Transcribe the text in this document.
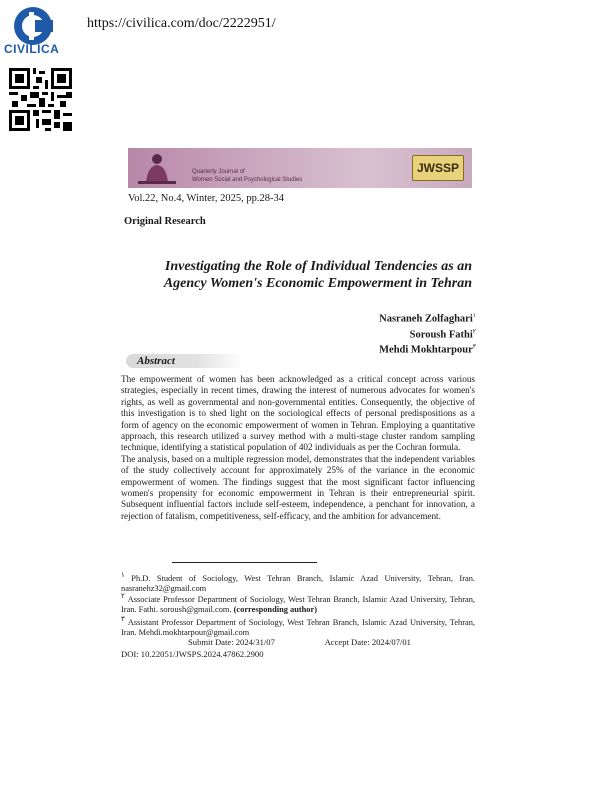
CIVILICA
https://civilica.com/doc/2222951/
Quarterly Journal of
Women Social and Psychological Studies
JWSSP
Vol.22, No.4, Winter, 2025, pp.28-34
Original Research
Investigating the Role of Individual Tendencies as an Agency Women's Economic Empowerment in Tehran
Nasraneh Zolfaghari$^١$
Soroush Fathi$^٢$
Mehdi Mokhtarpour$^٣$
Abstract

The empowerment of women has been acknowledged as a critical concept across various strategies, especially in recent times, drawing the interest of numerous advocates for women's rights, as well as governmental and non-governmental entities. Consequently, the objective of this investigation is to shed light on the sociological effects of personal predispositions as a form of agency on the economic empowerment of women in Tehran. Employing a quantitative approach, this research utilized a survey method with a multi-stage cluster random sampling technique, identifying a statistical population of 402 individuals as per the Cochran formula.

The analysis, based on a multiple regression model, demonstrates that the independent variables of the study collectively account for approximately 25% of the variance in the economic empowerment of women. The findings suggest that the most significant factor influencing women's propensity for economic empowerment in Tehran is their entrepreneurial spirit. Subsequent influential factors include self-esteem, independence, a penchant for innovation, a rejection of fatalism, competitiveness, self-efficacy, and the ambition for advancement.

$^١$ Ph.D. Student of Sociology, West Tehran Branch, Islamic Azad University, Tehran, Iran. nasranehz32@gmail.com
$^٢$ Associate Professor Department of Sociology, West Tehran Branch, Islamic Azad University, Tehran, Iran. Fathi. soroush@gmail.com. (corresponding author)
$^٣$ Assistant Professor Department of Sociology, West Tehran Branch, Islamic Azad University, Tehran, Iran. Mehdi.mokhtarpour@gmail.com
Submit Date: 2024/31/07	Accept Date: 2024/07/01
DOI: 10.22051/JWSPS.2024.47862.2900
